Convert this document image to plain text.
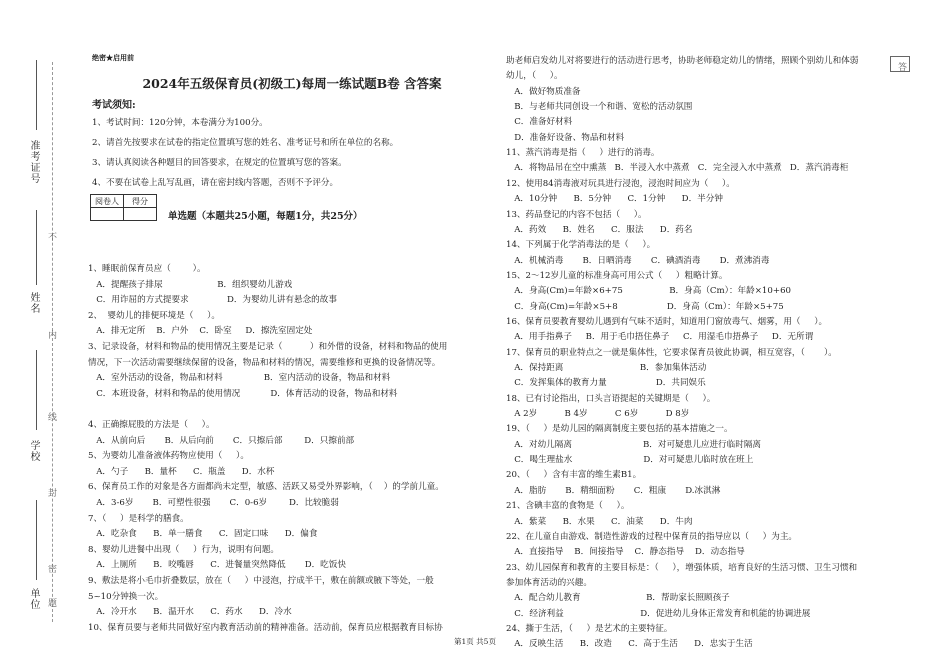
准考证号
姓名
学校
单位
不
内
线
封
密
题
答
绝密★启用前
2024年五级保育员(初级工)每周一练试题B卷 含答案
考试须知:
1、考试时间：120分钟，本卷满分为100分。
2、请首先按要求在试卷的指定位置填写您的姓名、准考证号和所在单位的名称。
3、请认真阅读各种题目的回答要求，在规定的位置填写您的答案。
4、不要在试卷上乱写乱画，请在密封线内答题，否则不予评分。
阅卷人	得分

单选题（本题共25小题，每题1分，共25分）
1、睡眠前保育员应（        ）。
A．提醒孩子排尿                    B．组织婴幼儿游戏
C．用诈屈的方式提要求              D．为婴幼儿讲有悬念的故事
2、  婴幼儿的排便环境是（     ）。
A．排无定所    B．户外    C．卧室     D．擦洗室固定处
3、记录设备，材料和物品的使用情况主要是记录（          ）和外借的设备，材料和物品的使用
情况，下一次活动需要继续保留的设备，物品和材料的情况，需要维修和更换的设备情况等。
A．室外活动的设备，物品和材料               B．室内活动的设备，物品和材料
C．本班设备，材料和物品的使用情况           D．体育活动的设备，物品和材料
4、正确擦屁股的方法是（     ）。
A．从前向后       B．从后向前       C．只擦后部        D．只擦前部
5、为婴幼儿准备液体药物应使用（     ）。
A．勺子      B．量杯      C．瓶盖      D．水杯
6、保育员工作的对象是各方面都尚未定型，敏感、活跃又易受外界影响，（    ）的学前儿童。
A．3-6岁       B．可塑性很强       C．0-6岁        D．比较脆弱
7、（     ）是科学的膳食。
A．吃杂食      B．单一膳食      C．固定口味      D．偏食
8、婴幼儿进餐中出现（     ）行为，说明有问题。
A．上厕所      B．咬嘴唇      C．进餐量突然降低       D．吃饭快
9、敷法是将小毛巾折叠数层，放在（     ）中浸泡，拧成半干，敷在前额或腋下等处，一般
5~10分钟换一次。
A．冷开水      B．温开水      C．药水      D．冷水
10、保育员要与老师共同做好室内教育活动前的精神准备。活动前，保育员应根据教育目标协
助老师启发幼儿对将要进行的活动进行思考，协助老师稳定幼儿的情绪，照顾个别幼儿和体弱
幼儿，（     ）。
A．做好物质准备
B．与老师共同创设一个和谐、宽松的活动氛围
C．准备好材料
D．准备好设备、物品和材料
11、蒸汽消毒是指（     ）进行的消毒。
A．将物品吊在空中熏蒸   B．半浸入水中蒸煮   C．完全浸入水中蒸煮   D．蒸汽消毒柜
12、使用84消毒液对玩具进行浸泡，浸泡时间应为（     ）。
A．10分钟      B．5分钟      C．1分钟      D．半分钟
13、药品登记的内容不包括（     ）。
A．药效      B．姓名      C．服法      D．药名
14、下列属于化学消毒法的是（     ）。
A．机械消毒       B．日晒消毒       C．碘酒消毒       D．煮沸消毒
15、2～12岁儿童的标准身高可用公式（     ）粗略计算。
A．身高(Cm)=年龄×6+75                 B．身高（Cm）：年龄×10+60
C．身高(Cm)=年龄×5+8                  D．身高（Cm）：年龄×5+75
16、保育员要教育婴幼儿遇到有气味不适时，知道用门窗放毒气、烟雾，用（     ）。
A．用手指鼻子     B．用于毛巾捂住鼻子     C．用湿毛巾捂鼻子     D．无所谓
17、保育员的职业特点之一就是集体性，它要求保育员彼此协调，相互宽容，（       ）。
A．保持距离                            B．参加集体活动
C．发挥集体的教育力量                  D．共同娱乐
18、已有讨论指出，口头言语提起的关键期是（     ）。
A 2岁          B 4岁          C 6岁          D 8岁
19、（     ）是幼儿园的隔离制度主要包括的基本措施之一。
A．对幼儿隔离                          B．对可疑患儿应进行临时隔离
C．喝生理盐水                          D．对可疑患儿临时放在班上
20、（     ）含有丰富的维生素B1。
A．脂肪       B．精细面粉       C．粗康       D.冰淇淋
21、含碘丰富的食物是（     ）。
A．紫菜      B．水果      C．油菜      D．牛肉
22、在儿童自由游戏、制造性游戏的过程中保育员的指导应以（     ）为主。
A．直接指导    B．间接指导    C．静态指导    D．动态指导
23、幼儿园保育和教育的主要目标是：（     ），增强体质，培育良好的生活习惯、卫生习惯和
参加体育活动的兴趣。
A．配合幼儿教育                        B．帮助家长照顾孩子
C．经济利益                            D．促进幼儿身体正常发育和机能的协调进展
24、撕于生活，（     ）是艺术的主要特征。
A．反映生活      B．改造      C．高于生活      D．忠实于生活
第1页 共5页
